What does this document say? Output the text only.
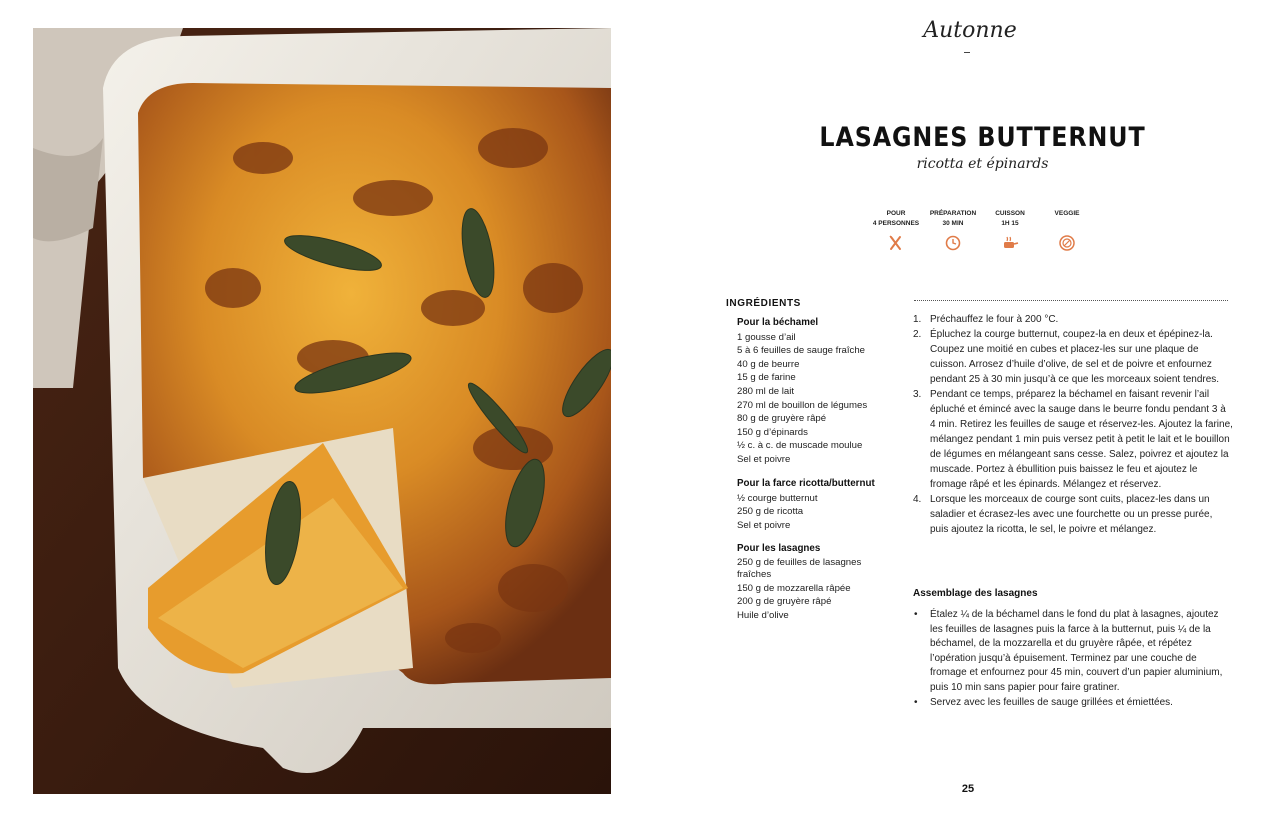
Autonne
LASAGNES BUTTERNUT
ricotta et épinards
POUR
4 PERSONNES
PRÉPARATION
30 MIN
CUISSON
1H 15
VEGGIE
INGRÉDIENTS
Pour la béchamel
1 gousse d’ail
5 à 6 feuilles de sauge fraîche
40 g de beurre
15 g de farine
280 ml de lait
270 ml de bouillon de légumes
80 g de gruyère râpé
150 g d’épinards
½ c. à c. de muscade moulue
Sel et poivre
Pour la farce ricotta/butternut
½ courge butternut
250 g de ricotta
Sel et poivre
Pour les lasagnes
250 g de feuilles de lasagnes fraîches
150 g de mozzarella râpée
200 g de gruyère râpé
Huile d’olive
1. Préchauffez le four à 200 °C.
2. Épluchez la courge butternut, coupez-la en deux et épépinez-la. Coupez une moitié en cubes et placez-les sur une plaque de cuisson. Arrosez d’huile d’olive, de sel et de poivre et enfournez pendant 25 à 30 min jusqu’à ce que les morceaux soient tendres.
3. Pendant ce temps, préparez la béchamel en faisant revenir l’ail épluché et émincé avec la sauge dans le beurre fondu pendant 3 à 4 min. Retirez les feuilles de sauge et réservez-les. Ajoutez la farine, mélangez pendant 1 min puis versez petit à petit le lait et le bouillon de légumes en mélangeant sans cesse. Salez, poivrez et ajoutez la muscade. Portez à ébullition puis baissez le feu et ajoutez le fromage râpé et les épinards. Mélangez et réservez.
4. Lorsque les morceaux de courge sont cuits, placez-les dans un saladier et écrasez-les avec une fourchette ou un presse purée, puis ajoutez la ricotta, le sel, le poivre et mélangez.
Assemblage des lasagnes
• Étalez ¼ de la béchamel dans le fond du plat à lasagnes, ajoutez les feuilles de lasagnes puis la farce à la butternut, puis ¼ de la béchamel, de la mozzarella et du gruyère râpée, et répétez l’opération jusqu’à épuisement. Terminez par une couche de fromage et enfournez pour 45 min, couvert d’un papier aluminium, puis 10 min sans papier pour faire gratiner.
• Servez avec les feuilles de sauge grillées et émiettées.
25
